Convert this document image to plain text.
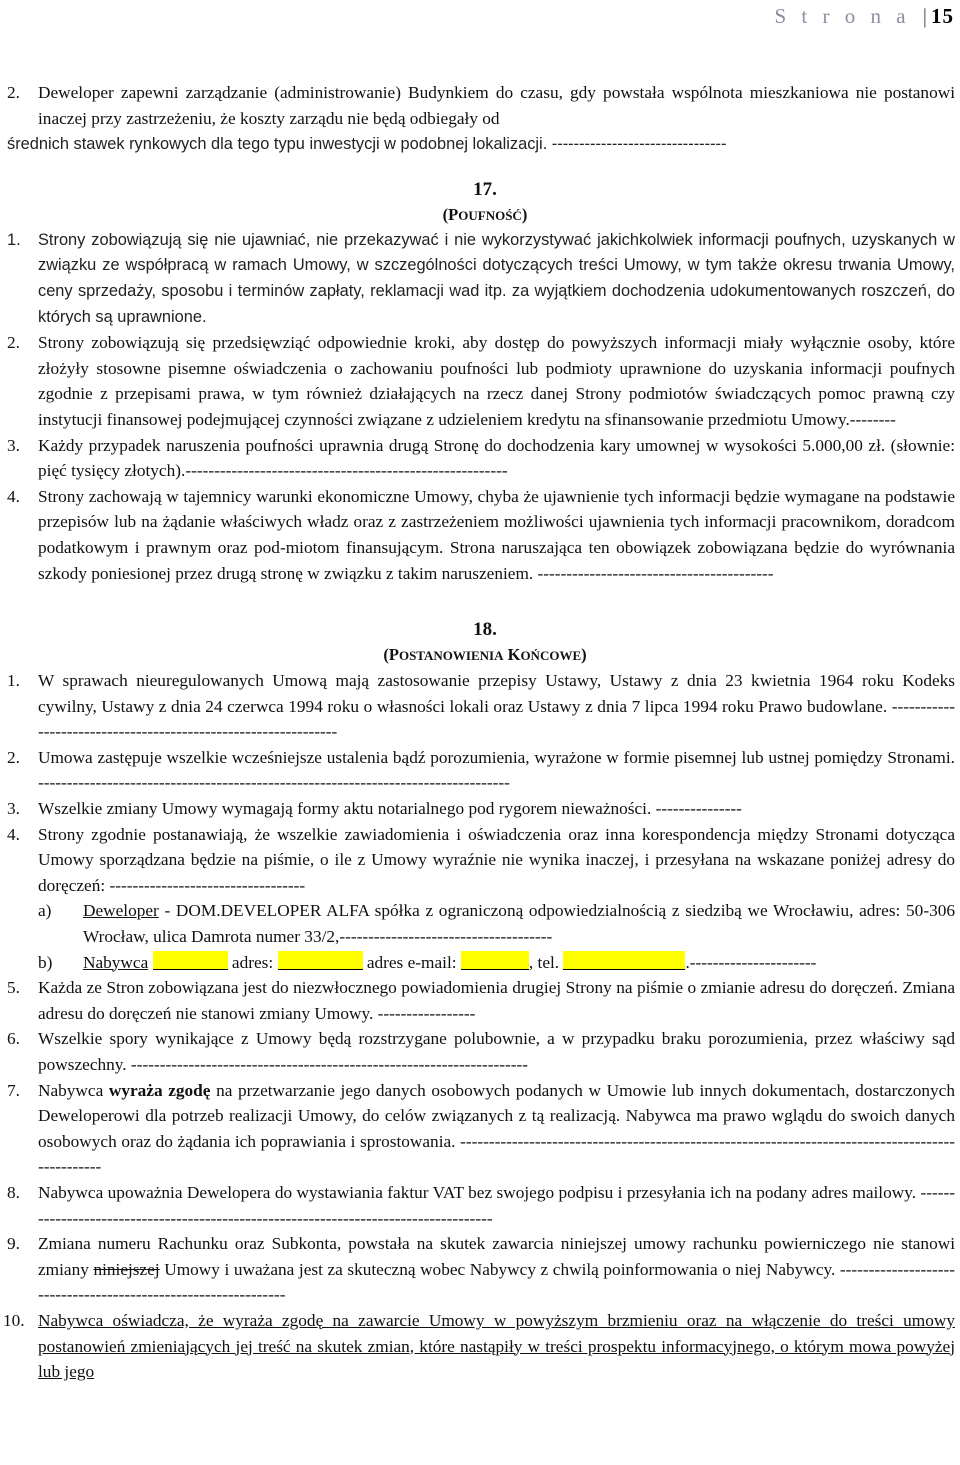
S t r o n a | 15
2. Deweloper zapewni zarządzanie (administrowanie) Budynkiem do czasu, gdy powstała wspólnota mieszkaniowa nie postanowi inaczej przy zastrzeżeniu, że koszty zarządu nie będą odbiegały od
średnich stawek rynkowych dla tego typu inwestycji w podobnej lokalizacji. --------------------------------
17.
(POUFNOŚĆ)
1. Strony zobowiązują się nie ujawniać, nie przekazywać i nie wykorzystywać jakichkolwiek informacji poufnych, uzyskanych w związku ze współpracą w ramach Umowy, w szczególności dotyczących treści Umowy, w tym także okresu trwania Umowy, ceny sprzedaży, sposobu i terminów zapłaty, reklamacji wad itp. za wyjątkiem dochodzenia udokumentowanych roszczeń, do których są uprawnione.
2. Strony zobowiązują się przedsięwziąć odpowiednie kroki, aby dostęp do powyższych informacji miały wyłącznie osoby, które złożyły stosowne pisemne oświadczenia o zachowaniu poufności lub podmioty uprawnione do uzyskania informacji poufnych zgodnie z przepisami prawa, w tym również działających na rzecz danej Strony podmiotów świadczących pomoc prawną czy instytucji finansowej podejmującej czynności związane z udzieleniem kredytu na sfinansowanie przedmiotu Umowy.--------
3. Każdy przypadek naruszenia poufności uprawnia drugą Stronę do dochodzenia kary umownej w wysokości 5.000,00 zł. (słownie: pięć tysięcy złotych).--------------------------------------------------------
4. Strony zachowają w tajemnicy warunki ekonomiczne Umowy, chyba że ujawnienie tych informacji będzie wymagane na podstawie przepisów lub na żądanie właściwych władz oraz z zastrzeżeniem możliwości ujawnienia tych informacji pracownikom, doradcom podatkowym i prawnym oraz pod-miotom finansującym. Strona naruszająca ten obowiązek zobowiązana będzie do wyrównania szkody poniesionej przez drugą stronę w związku z takim naruszeniem. -----------------------------------------
18.
(POSTANOWIENIA KOŃCOWE)
1. W sprawach nieuregulowanych Umową mają zastosowanie przepisy Ustawy, Ustawy z dnia 23 kwietnia 1964 roku Kodeks cywilny, Ustawy z dnia 24 czerwca 1994 roku o własności lokali oraz Ustawy z dnia 7 lipca 1994 roku Prawo budowlane. ---------------------------------------------------------------
2. Umowa zastępuje wszelkie wcześniejsze ustalenia bądź porozumienia, wyrażone w formie pisemnej lub ustnej pomiędzy Stronami. ----------------------------------------------------------------------------------
3. Wszelkie zmiany Umowy wymagają formy aktu notarialnego pod rygorem nieważności. ---------------
4. Strony zgodnie postanawiają, że wszelkie zawiadomienia i oświadczenia oraz inna korespondencja między Stronami dotycząca Umowy sporządzana będzie na piśmie, o ile z Umowy wyraźnie nie wynika inaczej, i przesyłana na wskazane poniżej adresy do doręczeń: ----------------------------------
a) Deweloper - DOM.DEVELOPER ALFA spółka z ograniczoną odpowiedzialnością z siedzibą we Wrocławiu, adres: 50-306 Wrocław, ulica Damrota numer 33/2,-------------------------------------
b) Nabywca	adres:	adres e-mail:	, tel.	.----------------------
5. Każda ze Stron zobowiązana jest do niezwłocznego powiadomienia drugiej Strony na piśmie o zmianie adresu do doręczeń. Zmiana adresu do doręczeń nie stanowi zmiany Umowy. -----------------
6. Wszelkie spory wynikające z Umowy będą rozstrzygane polubownie, a w przypadku braku porozumienia, przez właściwy sąd powszechny. ---------------------------------------------------------------------
7. Nabywca wyraża zgodę na przetwarzanie jego danych osobowych podanych w Umowie lub innych dokumentach, dostarczonych Deweloperowi dla potrzeb realizacji Umowy, do celów związanych z tą realizacją. Nabywca ma prawo wglądu do swoich danych osobowych oraz do żądania ich poprawiania i sprostowania. -------------------------------------------------------------------------------------------------
8. Nabywca upoważnia Dewelopera do wystawiania faktur VAT bez swojego podpisu i przesyłania ich na podany adres mailowy. -------------------------------------------------------------------------------------
9. Zmiana numeru Rachunku oraz Subkonta, powstała na skutek zawarcia niniejszej umowy rachunku powierniczego nie stanowi zmiany niniejszej Umowy i uważana jest za skuteczną wobec Nabywcy z chwilą poinformowania o niej Nabywcy. ---------------------------------------------------------------
10. Nabywca oświadcza, że wyraża zgodę na zawarcie Umowy w powyższym brzmieniu oraz na włączenie do treści umowy postanowień zmieniających jej treść na skutek zmian, które nastąpiły w treści prospektu informacyjnego, o którym mowa powyżej lub jego
